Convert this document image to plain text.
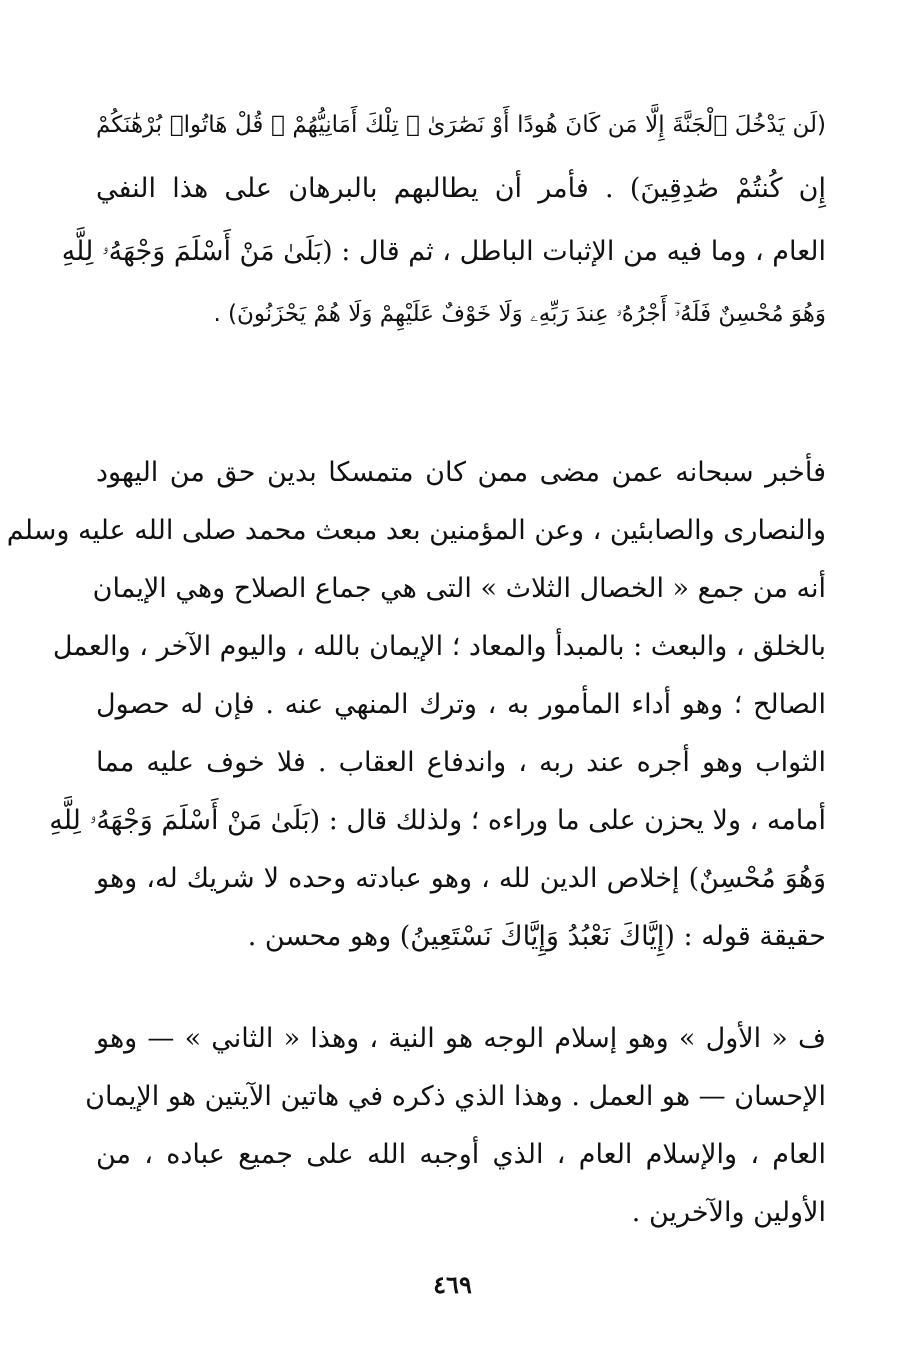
(لَن يَدْخُلَ ٱلْجَنَّةَ إِلَّا مَن كَانَ هُودًا أَوْ نَصَٰرَىٰ ۗ تِلْكَ أَمَانِيُّهُمْ ۗ قُلْ هَاتُوا۟ بُرْهَٰنَكُمْ
إِن كُنتُمْ صَٰدِقِينَ) . فأمر أن يطالبهم بالبرهان على هذا النفي
العام ، وما فيه من الإثبات الباطل ، ثم قال : (بَلَىٰ مَنْ أَسْلَمَ وَجْهَهُۥ لِلَّهِ
وَهُوَ مُحْسِنٌ فَلَهُۥٓ أَجْرُهُۥ عِندَ رَبِّهِۦ وَلَا خَوْفٌ عَلَيْهِمْ وَلَا هُمْ يَحْزَنُونَ) .
فأخبر سبحانه عمن مضى ممن كان متمسكا بدين حق من اليهود
والنصارى والصابئين ، وعن المؤمنين بعد مبعث محمد صلى الله عليه وسلم
أنه من جمع « الخصال الثلاث » التى هي جماع الصلاح وهي الإيمان
بالخلق ، والبعث : بالمبدأ والمعاد ؛ الإيمان بالله ، واليوم الآخر ، والعمل
الصالح ؛ وهو أداء المأمور به ، وترك المنهي عنه . فإن له حصول
الثواب وهو أجره عند ربه ، واندفاع العقاب . فلا خوف عليه مما
أمامه ، ولا يحزن على ما وراءه ؛ ولذلك قال : (بَلَىٰ مَنْ أَسْلَمَ وَجْهَهُۥ لِلَّهِ
وَهُوَ مُحْسِنٌ) إخلاص الدين لله ، وهو عبادته وحده لا شريك له، وهو
حقيقة قوله : (إِيَّاكَ نَعْبُدُ وَإِيَّاكَ نَسْتَعِينُ) وهو محسن .
ف « الأول » وهو إسلام الوجه هو النية ، وهذا « الثاني » — وهو
الإحسان — هو العمل . وهذا الذي ذكره في هاتين الآيتين هو الإيمان
العام ، والإسلام العام ، الذي أوجبه الله على جميع عباده ، من
الأولين والآخرين .
٤٦٩
